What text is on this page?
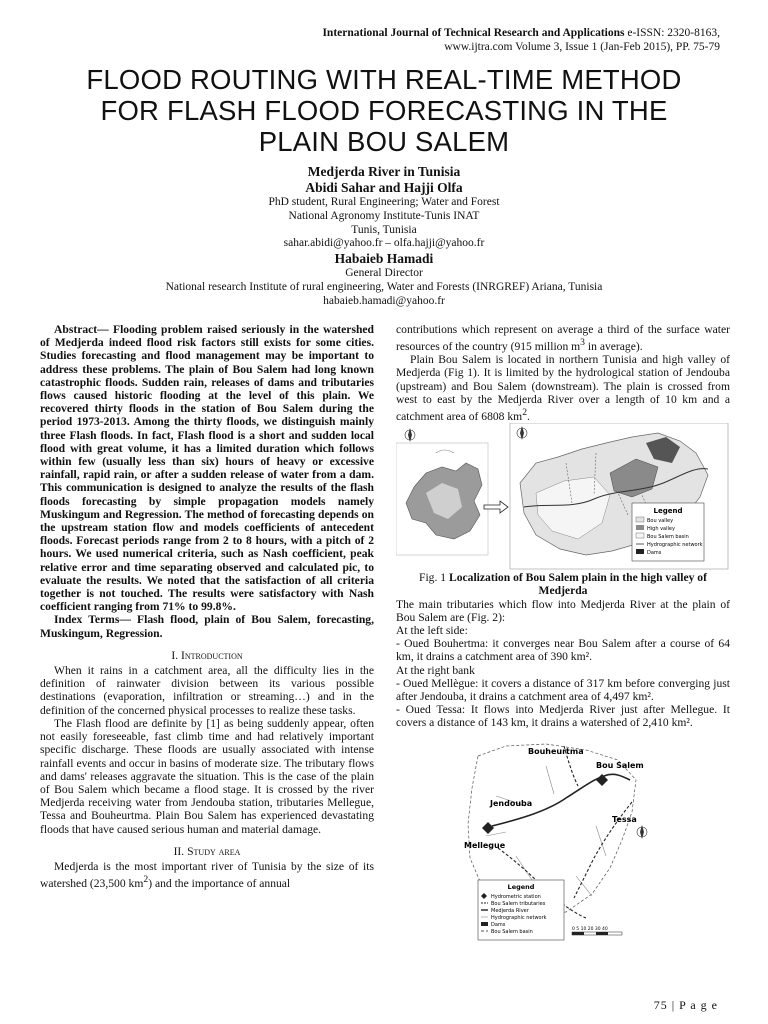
International Journal of Technical Research and Applications e-ISSN: 2320-8163,
www.ijtra.com Volume 3, Issue 1 (Jan-Feb 2015), PP. 75-79
FLOOD ROUTING WITH REAL-TIME METHOD
FOR FLASH FLOOD FORECASTING IN THE
PLAIN BOU SALEM
Medjerda River in Tunisia
Abidi Sahar and Hajji Olfa
PhD student, Rural Engineering; Water and Forest
National Agronomy Institute-Tunis INAT
Tunis, Tunisia
sahar.abidi@yahoo.fr – olfa.hajji@yahoo.fr
Habaieb Hamadi
General Director
National research Institute of rural engineering, Water and Forests (INRGREF) Ariana, Tunisia
habaieb.hamadi@yahoo.fr

Abstract— Flooding problem raised seriously in the watershed of Medjerda indeed flood risk factors still exists for some cities. Studies forecasting and flood management may be important to address these problems. The plain of Bou Salem had long known catastrophic floods. Sudden rain, releases of dams and tributaries flows caused historic flooding at the level of this plain. We recovered thirty floods in the station of Bou Salem during the period 1973-2013. Among the thirty floods, we distinguish mainly three Flash floods. In fact, Flash flood is a short and sudden local flood with great volume, it has a limited duration which follows within few (usually less than six) hours of heavy or excessive rainfall, rapid rain, or after a sudden release of water from a dam. This communication is designed to analyze the results of the flash floods forecasting by simple propagation models namely Muskingum and Regression. The method of forecasting depends on the upstream station flow and models coefficients of antecedent floods. Forecast periods range from 2 to 8 hours, with a pitch of 2 hours. We used numerical criteria, such as Nash coefficient, peak relative error and time separating observed and calculated pic, to evaluate the results. We noted that the satisfaction of all criteria together is not touched. The results were satisfactory with Nash coefficient ranging from 71% to 99.8%.

Index Terms— Flash flood, plain of Bou Salem, forecasting, Muskingum, Regression.

I. Introduction

When it rains in a catchment area, all the difficulty lies in the definition of rainwater division between its various possible destinations (evaporation, infiltration or streaming…) and in the definition of the concerned physical processes to realize these tasks.

The Flash flood are definite by [1] as being suddenly appear, often not easily foreseeable, fast climb time and had relatively important specific discharge. These floods are usually associated with intense rainfall events and occur in basins of moderate size. The tributary flows and dams' releases aggravate the situation. This is the case of the plain of Bou Salem which became a flood stage. It is crossed by the river Medjerda receiving water from Jendouba station, tributaries Mellegue, Tessa and Bouheurtma. Plain Bou Salem has experienced devastating floods that have caused serious human and material damage.

II. Study area

Medjerda is the most important river of Tunisia by the size of its watershed (23,500 $km^2$) and the importance of annual

contributions which represent on average a third of the surface water resources of the country (915 million $m^3$ in average).

Plain Bou Salem is located in northern Tunisia and high valley of Medjerda (Fig 1). It is limited by the hydrological station of Jendouba (upstream) and Bou Salem (downstream). The plain is crossed from west to east by the Medjerda River over a length of 10 km and a catchment area of 6808 $km^2$.

Legend
Bou valley
High valley
Bou Salem basin
Hydrographic network
Dams

Fig. 1 Localization of Bou Salem plain in the high valley of Medjerda

The main tributaries which flow into Medjerda River at the plain of Bou Salem are (Fig. 2):

At the left side:

- Oued Bouhertma: it converges near Bou Salem after a course of 64 km, it drains a catchment area of 390 km².

At the right bank

- Oued Mellègue: it covers a distance of 317 km before converging just after Jendouba, it drains a catchment area of 4,497 km².

- Oued Tessa: It flows into Medjerda River just after Mellegue. It covers a distance of 143 km, it drains a watershed of 2,410 km².

Bouheurtma
Bou Salem
Jendouba
Tessa
Mellegue
Legend
Hydrometric station
Bou Salem tributaries
Medjerda River
Hydrographic network
Dams
Bou Salem basin	0 5 10 20 30 40
75 | P a g e
